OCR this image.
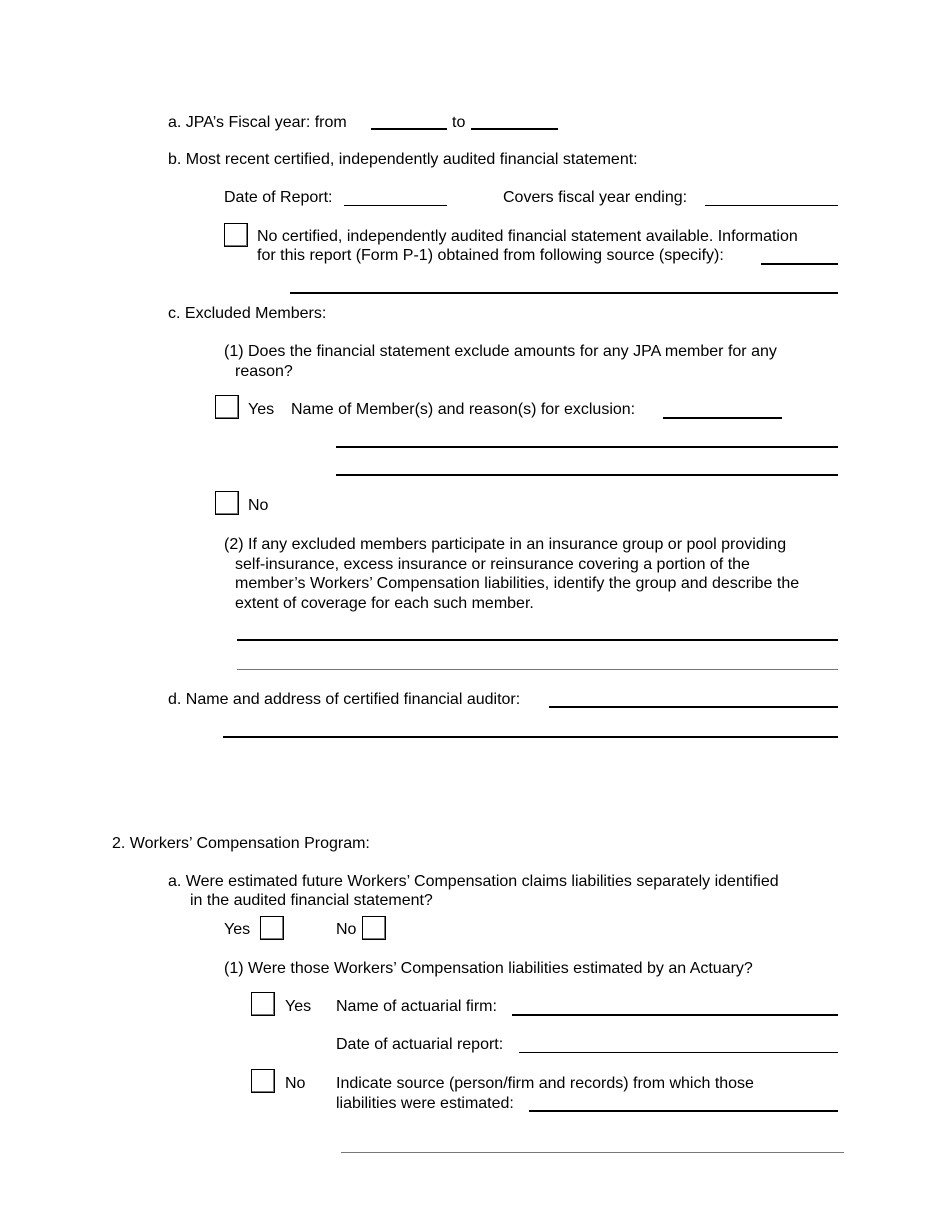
a. JPA’s Fiscal year: from	to
b. Most recent certified, independently audited financial statement:
Date of Report:	Covers fiscal year ending:
No certified, independently audited financial statement available. Information
for this report (Form P-1) obtained from following source (specify):
c. Excluded Members:
(1) Does the financial statement exclude amounts for any JPA member for any
reason?
Yes Name of Member(s) and reason(s) for exclusion:
No
(2) If any excluded members participate in an insurance group or pool providing
self-insurance, excess insurance or reinsurance covering a portion of the
member’s Workers’ Compensation liabilities, identify the group and describe the
extent of coverage for each such member.
d. Name and address of certified financial auditor:
2. Workers’ Compensation Program:
a. Were estimated future Workers’ Compensation claims liabilities separately identified
in the audited financial statement?
Yes	No
(1) Were those Workers’ Compensation liabilities estimated by an Actuary?
Yes Name of actuarial firm:
Date of actuarial report:
No Indicate source (person/firm and records) from which those
liabilities were estimated:
